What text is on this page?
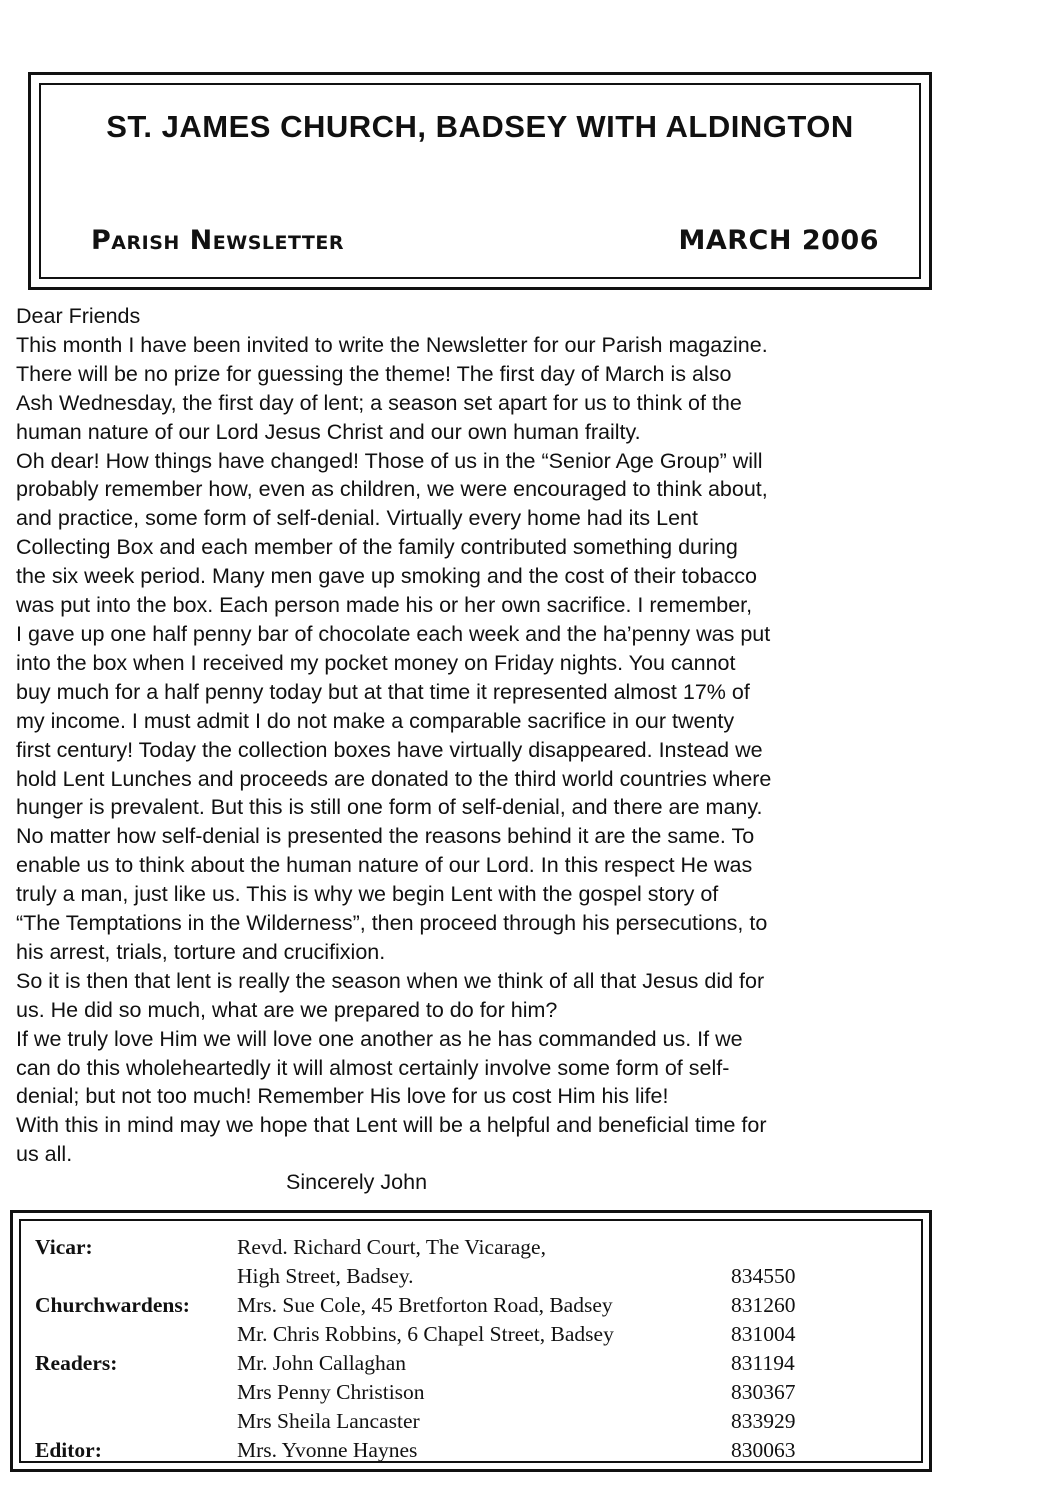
ST. JAMES CHURCH, BADSEY WITH ALDINGTON
Parish Newsletter	MARCH 2006

Dear Friends

This month I have been invited to write the Newsletter for our Parish magazine.

There will be no prize for guessing the theme! The first day of March is also

Ash Wednesday, the first day of lent; a season set apart for us to think of the

human nature of our Lord Jesus Christ and our own human frailty.

Oh dear! How things have changed! Those of us in the “Senior Age Group” will

probably remember how, even as children, we were encouraged to think about,

and practice, some form of self-denial. Virtually every home had its Lent

Collecting Box and each member of the family contributed something during

the six week period. Many men gave up smoking and the cost of their tobacco

was put into the box. Each person made his or her own sacrifice. I remember,

I gave up one half penny bar of chocolate each week and the ha’penny was put

into the box when I received my pocket money on Friday nights. You cannot

buy much for a half penny today but at that time it represented almost 17% of

my income. I must admit I do not make a comparable sacrifice in our twenty

first century! Today the collection boxes have virtually disappeared. Instead we

hold Lent Lunches and proceeds are donated to the third world countries where

hunger is prevalent. But this is still one form of self-denial, and there are many.

No matter how self-denial is presented the reasons behind it are the same. To

enable us to think about the human nature of our Lord. In this respect He was

truly a man, just like us. This is why we begin Lent with the gospel story of

“The Temptations in the Wilderness”, then proceed through his persecutions, to

his arrest, trials, torture and crucifixion.

So it is then that lent is really the season when we think of all that Jesus did for

us. He did so much, what are we prepared to do for him?

If we truly love Him we will love one another as he has commanded us. If we

can do this wholeheartedly it will almost certainly involve some form of self-

denial; but not too much! Remember His love for us cost Him his life!

With this in mind may we hope that Lent will be a helpful and beneficial time for

us all.

Sincerely John
Vicar:	Revd. Richard Court, The Vicarage,	
	High Street, Badsey.	834550
Churchwardens:	Mrs. Sue Cole, 45 Bretforton Road, Badsey	831260
	Mr. Chris Robbins, 6 Chapel Street, Badsey	831004
Readers:	Mr. John Callaghan	831194
	Mrs Penny Christison	830367
	Mrs Sheila Lancaster	833929
Editor:	Mrs. Yvonne Haynes	830063
